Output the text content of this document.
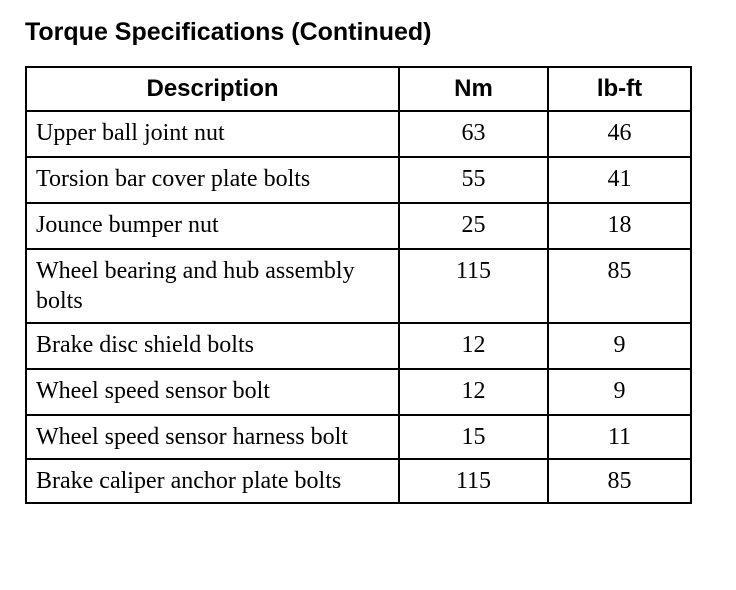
Torque Specifications (Continued)
Description	Nm	lb-ft
Upper ball joint nut	63	46
Torsion bar cover plate bolts	55	41
Jounce bumper nut	25	18
Wheel bearing and hub assembly bolts	115	85
Brake disc shield bolts	12	9
Wheel speed sensor bolt	12	9
Wheel speed sensor harness bolt	15	11
Brake caliper anchor plate bolts	115	85
